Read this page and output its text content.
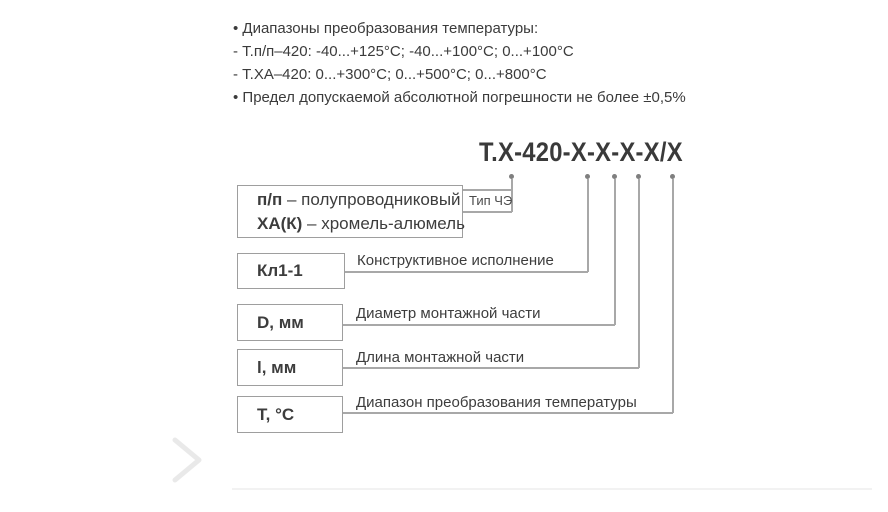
• Диапазоны преобразования температуры:
- Т.п/п–420: -40...+125°С; -40...+100°С; 0...+100°С
- Т.ХА–420: 0...+300°С; 0...+500°С; 0...+800°С
• Предел допускаемой абсолютной погрешности не более ±0,5%
Т.Х-420-Х-Х-Х-Х/Х
п/п – полупроводниковый
ХА(К) – хромель-алюмель
Кл1-1
D, мм
l, мм
Т, °С
Тип ЧЭ
Конструктивное исполнение
Диаметр монтажной части
Длина монтажной части
Диапазон преобразования температуры
